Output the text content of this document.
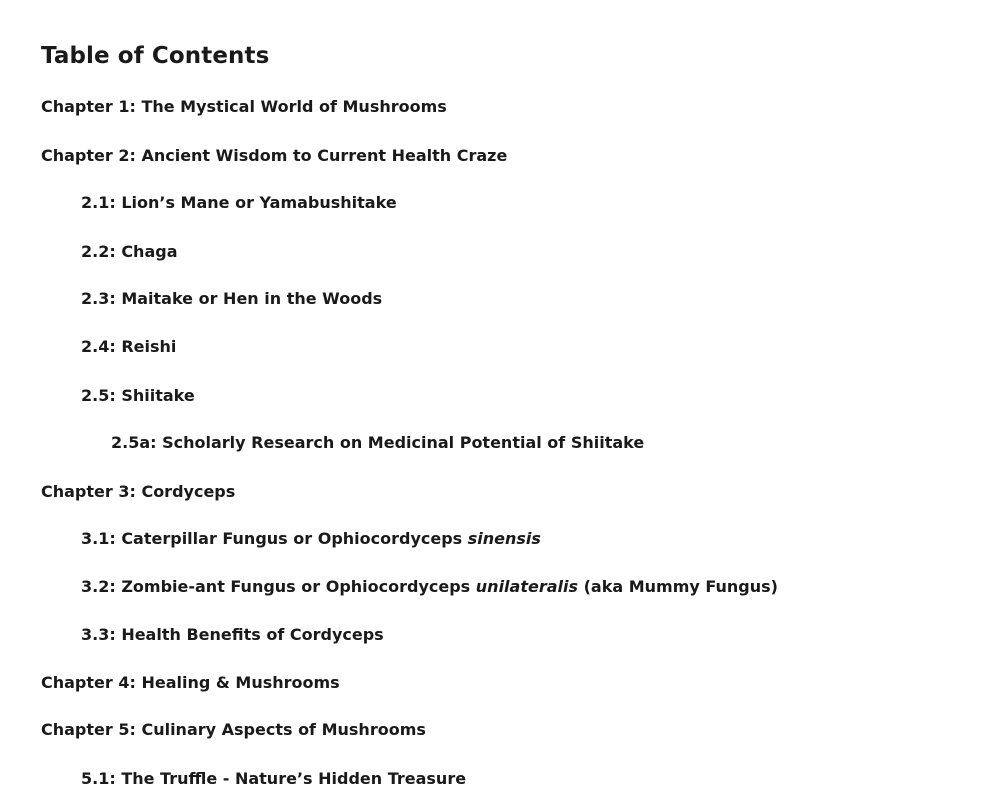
Table of Contents

Chapter 1: The Mystical World of Mushrooms

Chapter 2: Ancient Wisdom to Current Health Craze

2.1: Lion’s Mane or Yamabushitake

2.2: Chaga

2.3: Maitake or Hen in the Woods

2.4: Reishi

2.5: Shiitake

2.5a: Scholarly Research on Medicinal Potential of Shiitake

Chapter 3: Cordyceps

3.1: Caterpillar Fungus or Ophiocordyceps sinensis

3.2: Zombie-ant Fungus or Ophiocordyceps unilateralis (aka Mummy Fungus)

3.3: Health Benefits of Cordyceps

Chapter 4: Healing & Mushrooms

Chapter 5: Culinary Aspects of Mushrooms

5.1: The Truffle - Nature’s Hidden Treasure
